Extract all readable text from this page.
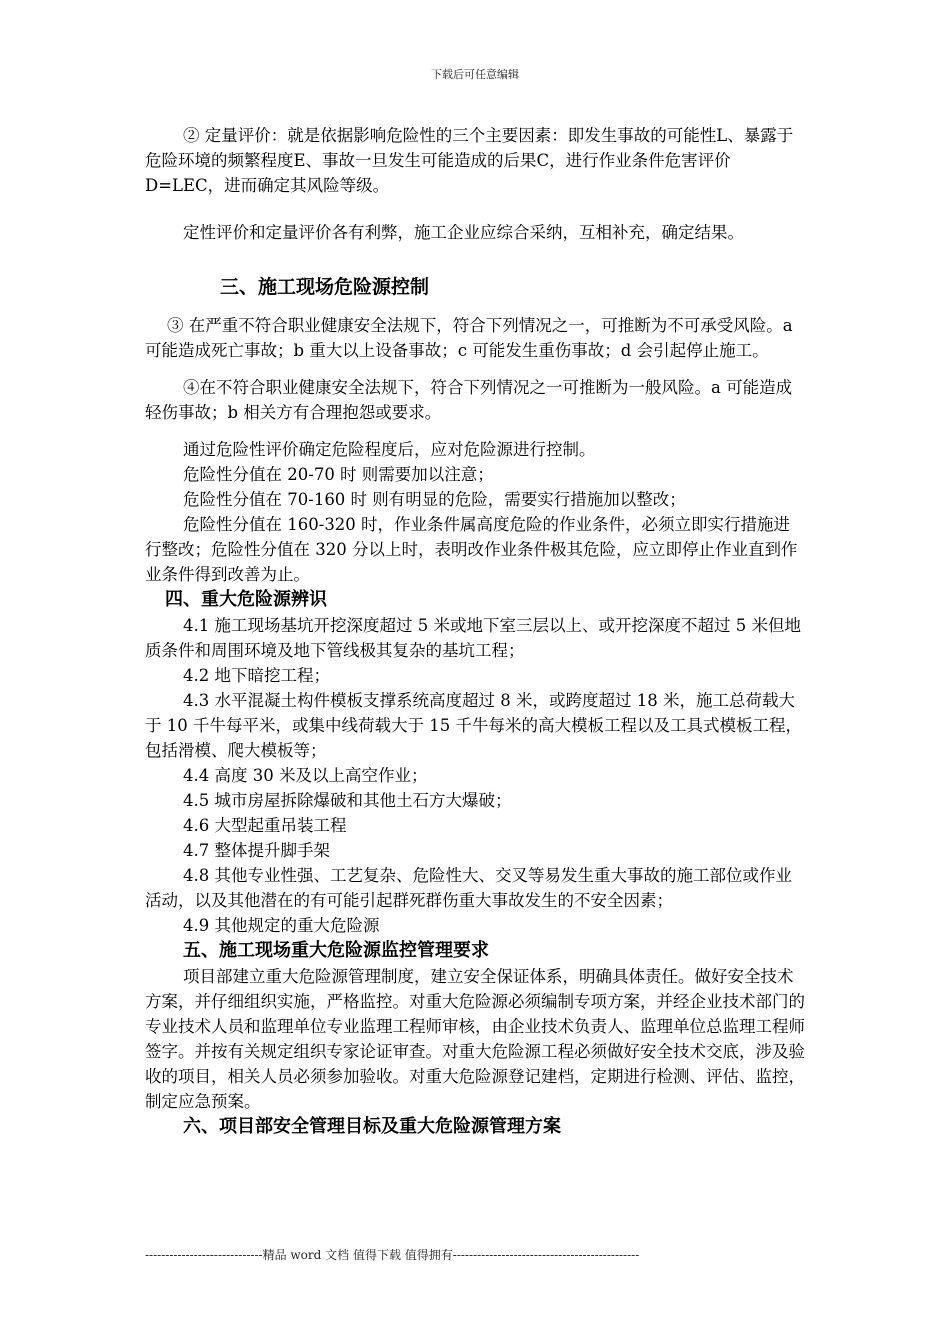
下载后可任意编辑

② 定量评价：就是依据影响危险性的三个主要因素：即发生事故的可能性L、暴露于危险环境的频繁程度E、事故一旦发生可能造成的后果C，进行作业条件危害评价D=LEC，进而确定其风险等级。

定性评价和定量评价各有利弊，施工企业应综合采纳，互相补充，确定结果。

三、施工现场危险源控制

③ 在严重不符合职业健康安全法规下，符合下列情况之一，可推断为不可承受风险。a 可能造成死亡事故；b 重大以上设备事故；c 可能发生重伤事故；d 会引起停止施工。

④在不符合职业健康安全法规下，符合下列情况之一可推断为一般风险。a 可能造成轻伤事故；b 相关方有合理抱怨或要求。

通过危险性评价确定危险程度后，应对危险源进行控制。

危险性分值在 20-70 时 则需要加以注意；

危险性分值在 70-160 时 则有明显的危险，需要实行措施加以整改；

危险性分值在 160-320 时，作业条件属高度危险的作业条件，必须立即实行措施进行整改；危险性分值在 320 分以上时，表明改作业条件极其危险，应立即停止作业直到作业条件得到改善为止。

四、重大危险源辨识

4.1 施工现场基坑开挖深度超过 5 米或地下室三层以上、或开挖深度不超过 5 米但地质条件和周围环境及地下管线极其复杂的基坑工程；

4.2 地下暗挖工程；

4.3 水平混凝土构件模板支撑系统高度超过 8 米，或跨度超过 18 米，施工总荷载大于 10 千牛每平米，或集中线荷载大于 15 千牛每米的高大模板工程以及工具式模板工程，包括滑模、爬大模板等；

4.4 高度 30 米及以上高空作业；

4.5 城市房屋拆除爆破和其他土石方大爆破；

4.6 大型起重吊装工程

4.7 整体提升脚手架

4.8 其他专业性强、工艺复杂、危险性大、交叉等易发生重大事故的施工部位或作业活动，以及其他潜在的有可能引起群死群伤重大事故发生的不安全因素；

4.9 其他规定的重大危险源

五、施工现场重大危险源监控管理要求

项目部建立重大危险源管理制度，建立安全保证体系，明确具体责任。做好安全技术方案，并仔细组织实施，严格监控。对重大危险源必须编制专项方案，并经企业技术部门的专业技术人员和监理单位专业监理工程师审核，由企业技术负责人、监理单位总监理工程师签字。并按有关规定组织专家论证审查。对重大危险源工程必须做好安全技术交底，涉及验收的项目，相关人员必须参加验收。对重大危险源登记建档，定期进行检测、评估、监控，制定应急预案。

六、项目部安全管理目标及重大危险源管理方案

-----------------------------精品 word 文档 值得下载 值得拥有----------------------------------------------
